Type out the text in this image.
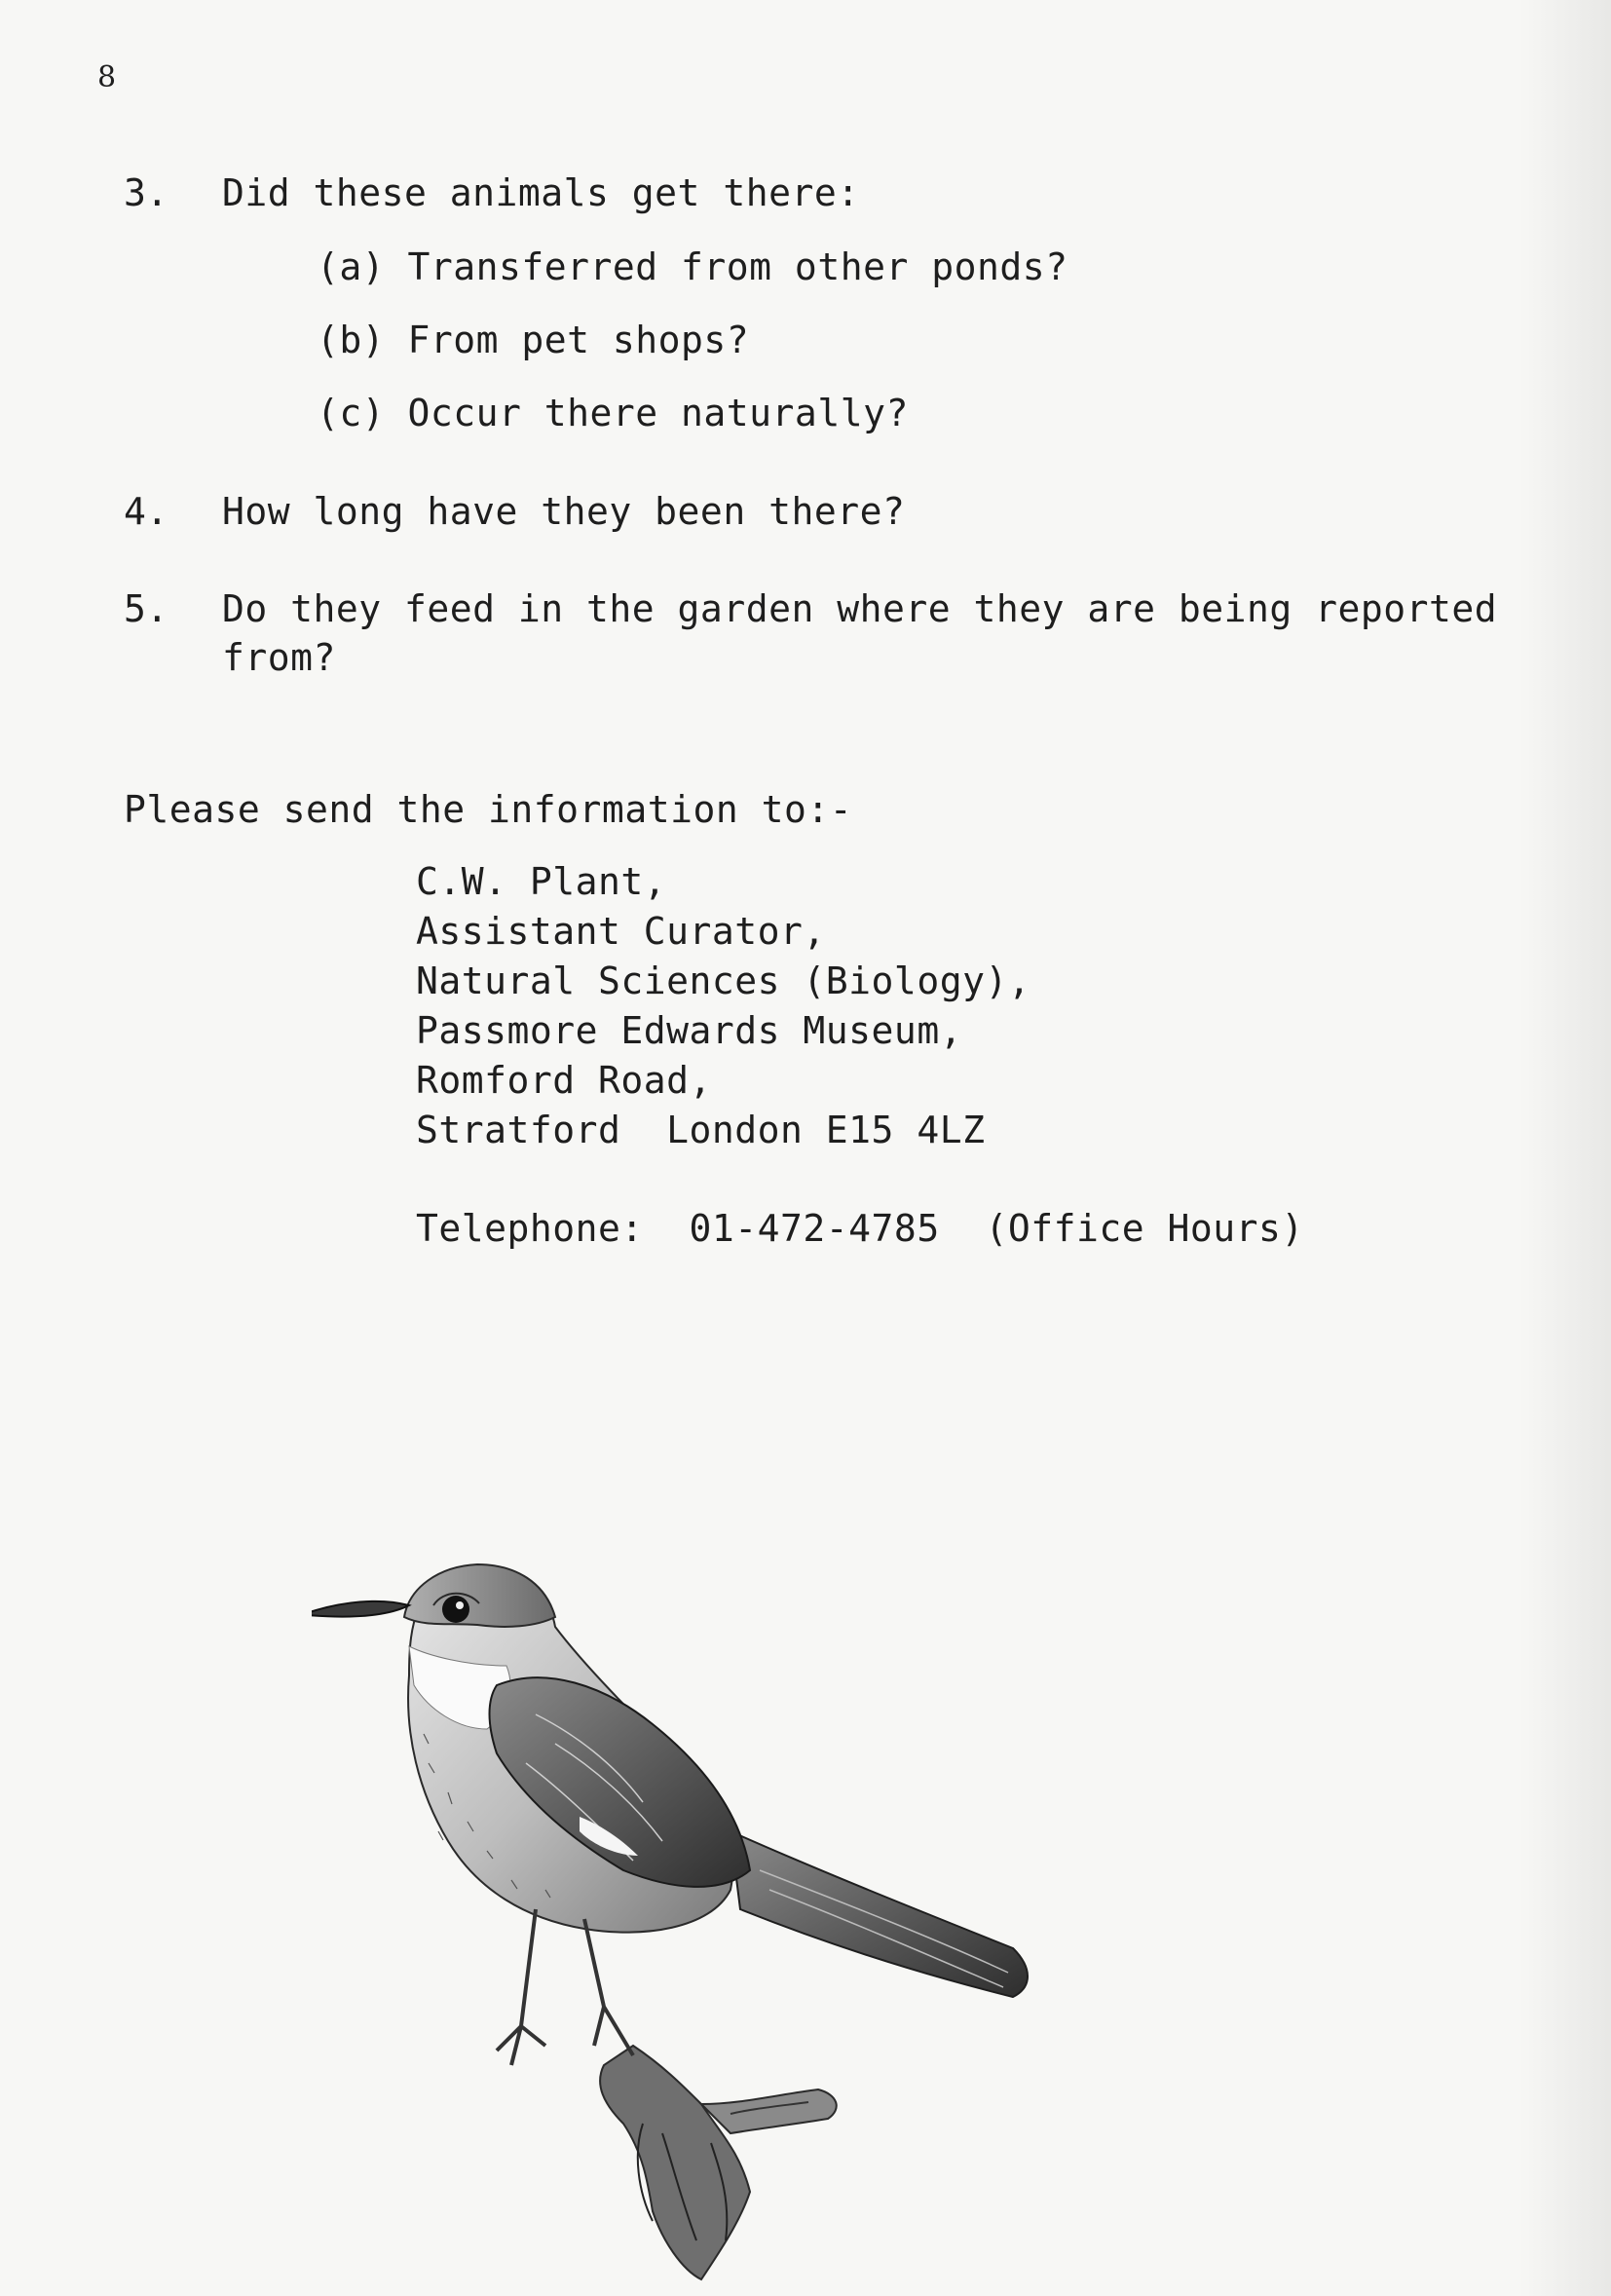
8
3. Did these animals get there:
(a) Transferred from other ponds?
(b) From pet shops?
(c) Occur there naturally?
4. How long have they been there?
5. Do they feed in the garden where they are being reported
from?
Please send the information to:-
C.W. Plant,
Assistant Curator,
Natural Sciences (Biology),
Passmore Edwards Museum,
Romford Road,
Stratford  London E15 4LZ
Telephone:  01-472-4785  (Office Hours)
